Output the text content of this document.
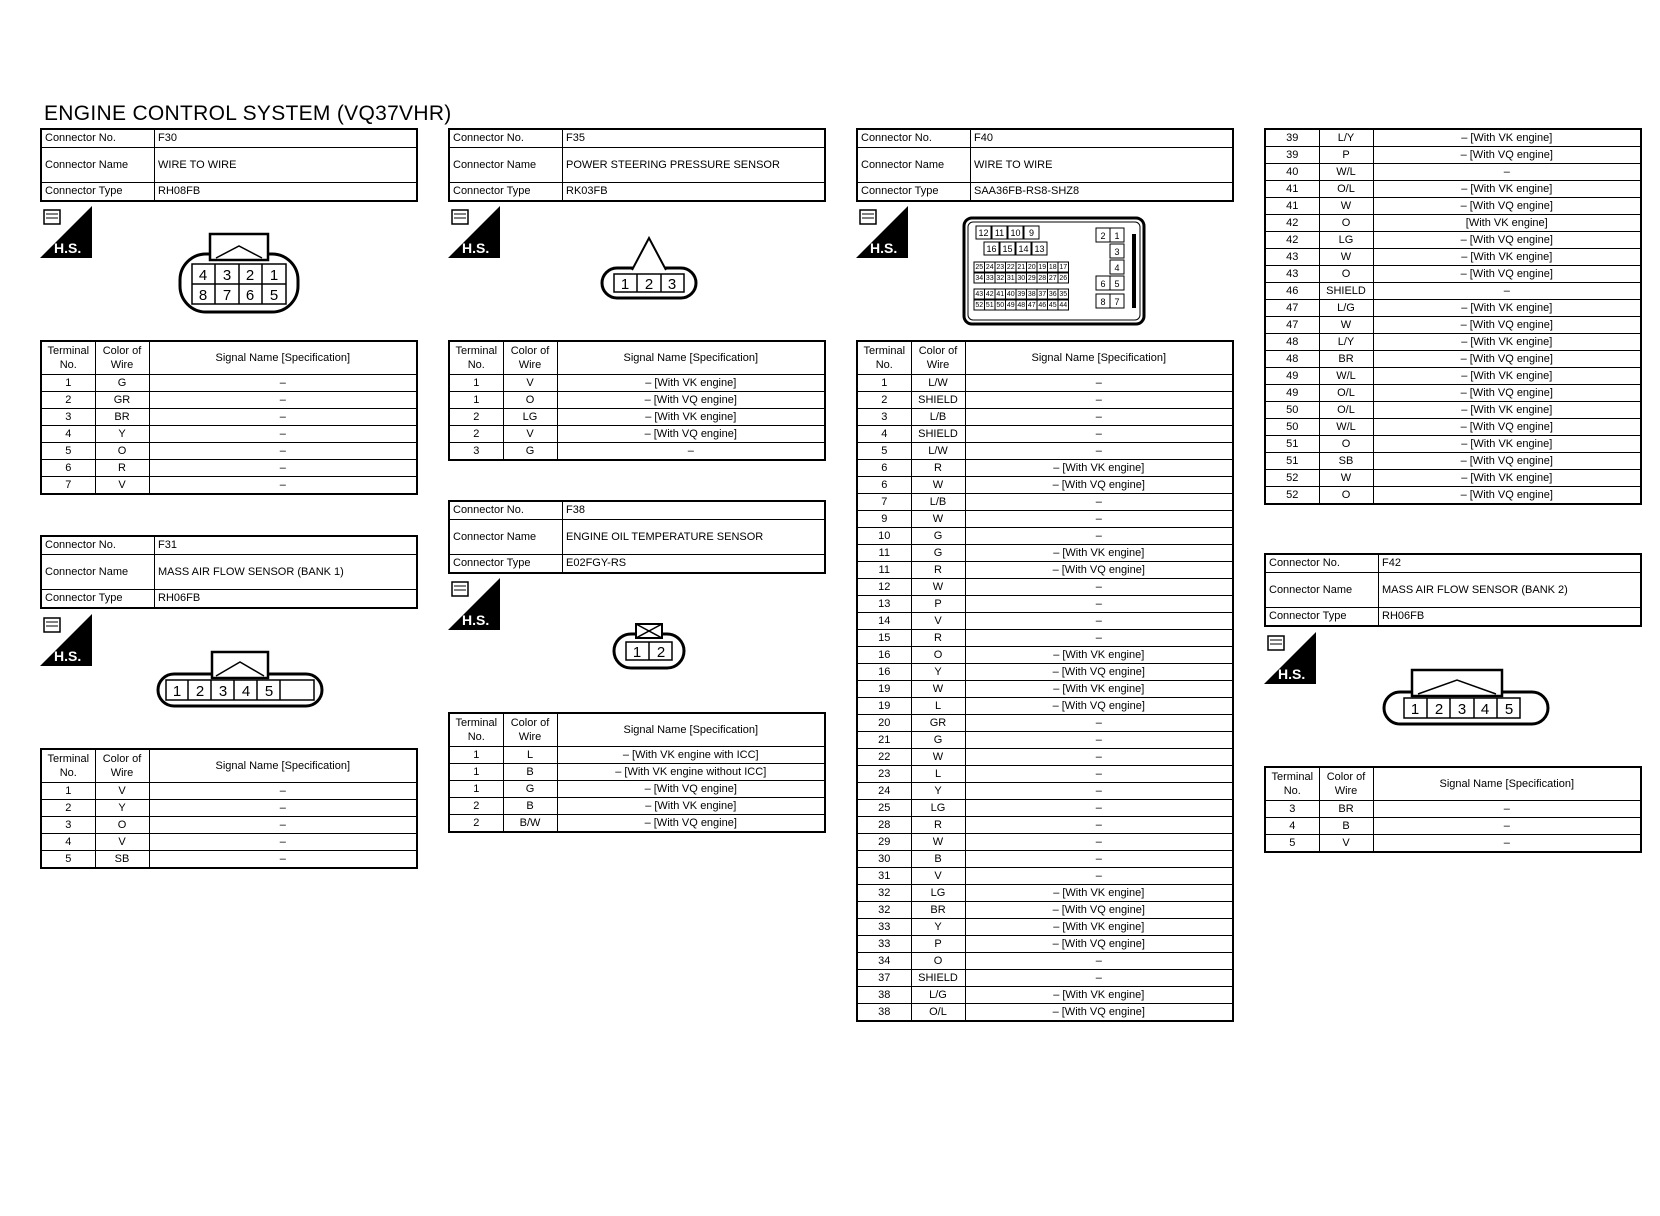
ENGINE CONTROL SYSTEM (VQ37VHR)
Connector No.	F30
Connector Name	WIRE TO WIRE
Connector Type	RH08FB
H.S.
4 3 2 1
8 7 6 5
Terminal No.	Color of Wire	Signal Name [Specification]
1	G	–
2	GR	–
3	BR	–
4	Y	–
5	O	–
6	R	–
7	V	–
Connector No.	F31
Connector Name	MASS AIR FLOW SENSOR (BANK 1)
Connector Type	RH06FB
H.S.
1 2 3 4 5
Terminal No.	Color of Wire	Signal Name [Specification]
1	V	–
2	Y	–
3	O	–
4	V	–
5	SB	–
Connector No.	F35
Connector Name	POWER STEERING PRESSURE SENSOR
Connector Type	RK03FB
H.S.
1 2 3
Terminal No.	Color of Wire	Signal Name [Specification]
1	V	– [With VK engine]
1	O	– [With VQ engine]
2	LG	– [With VK engine]
2	V	– [With VQ engine]
3	G	–
Connector No.	F38
Connector Name	ENGINE OIL TEMPERATURE SENSOR
Connector Type	E02FGY-RS
H.S.
1 2
Terminal No.	Color of Wire	Signal Name [Specification]
1	L	– [With VK engine with ICC]
1	B	– [With VK engine without ICC]
1	G	– [With VQ engine]
2	B	– [With VK engine]
2	B/W	– [With VQ engine]
Connector No.	F40
Connector Name	WIRE TO WIRE
Connector Type	SAA36FB-RS8-SHZ8
H.S.
12 11 10 9
16 15 14 13
25 24 23 22 21 20 19 18 17
34 33 32 31 30 29 28 27 26
43 42 41 40 39 38 37 36 35
52 51 50 49 48 47 46 45 44
2 1
3
4
6 5
8 7
Terminal No.	Color of Wire	Signal Name [Specification]
1	L/W	–
2	SHIELD	–
3	L/B	–
4	SHIELD	–
5	L/W	–
6	R	– [With VK engine]
6	W	– [With VQ engine]
7	L/B	–
9	W	–
10	G	–
11	G	– [With VK engine]
11	R	– [With VQ engine]
12	W	–
13	P	–
14	V	–
15	R	–
16	O	– [With VK engine]
16	Y	– [With VQ engine]
19	W	– [With VK engine]
19	L	– [With VQ engine]
20	GR	–
21	G	–
22	W	–
23	L	–
24	Y	–
25	LG	–
28	R	–
29	W	–
30	B	–
31	V	–
32	LG	– [With VK engine]
32	BR	– [With VQ engine]
33	Y	– [With VK engine]
33	P	– [With VQ engine]
34	O	–
37	SHIELD	–
38	L/G	– [With VK engine]
38	O/L	– [With VQ engine]
39	L/Y	– [With VK engine]
39	P	– [With VQ engine]
40	W/L	–
41	O/L	– [With VK engine]
41	W	– [With VQ engine]
42	O	[With VK engine]
42	LG	– [With VQ engine]
43	W	– [With VK engine]
43	O	– [With VQ engine]
46	SHIELD	–
47	L/G	– [With VK engine]
47	W	– [With VQ engine]
48	L/Y	– [With VK engine]
48	BR	– [With VQ engine]
49	W/L	– [With VK engine]
49	O/L	– [With VQ engine]
50	O/L	– [With VK engine]
50	W/L	– [With VQ engine]
51	O	– [With VK engine]
51	SB	– [With VQ engine]
52	W	– [With VK engine]
52	O	– [With VQ engine]
Connector No.	F42
Connector Name	MASS AIR FLOW SENSOR (BANK 2)
Connector Type	RH06FB
H.S.
1 2 3 4 5
Terminal No.	Color of Wire	Signal Name [Specification]
3	BR	–
4	B	–
5	V	–
